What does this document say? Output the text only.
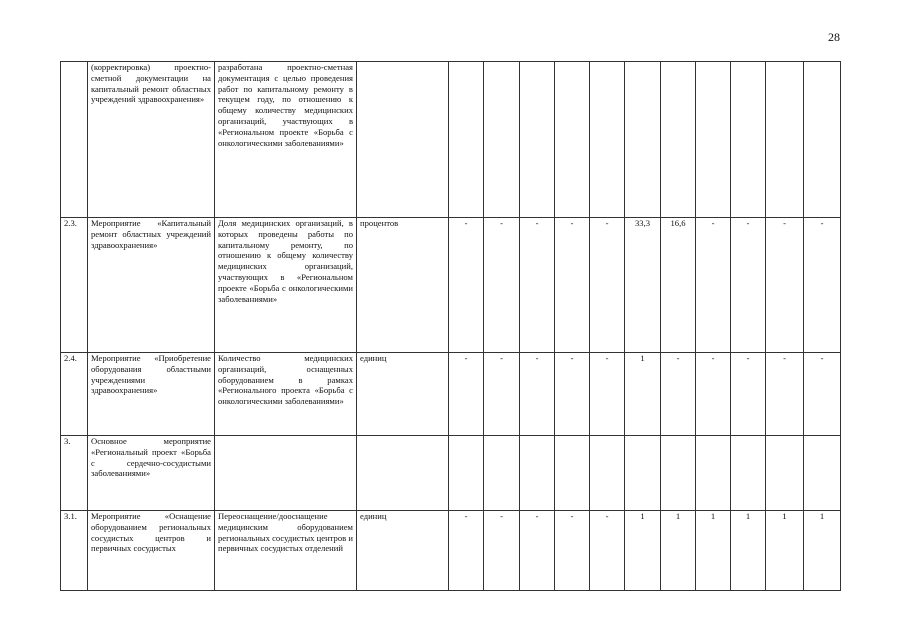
28

	(корректировка) проектно-сметной документации на капитальный ремонт областных учреждений здравоохранения»	разработана проектно-сметная документация с целью проведения работ по капитальному ремонту в текущем году, по отношению к общему количеству медицинских организаций, участвующих в «Региональном проекте «Борьба с онкологическими заболеваниями»												

2.3.	Мероприятие «Капитальный ремонт областных учреждений здравоохранения»	Доля медицинских организаций, в которых проведены работы по капитальному ремонту, по отношению к общему количеству медицинских организаций, участвующих в «Региональном проекте «Борьба с онкологическими заболеваниями»	процентов	-	-	-	-	-	33,3	16,6	-	-	-	-

2.4.	Мероприятие «Приобретение оборудования областными учреждениями здравоохранения»	Количество медицинских организаций, оснащенных оборудованием в рамках «Регионального проекта «Борьба с онкологическими заболеваниями»	единиц	-	-	-	-	-	1	-	-	-	-	-

3.	Основное мероприятие «Региональный проект «Борьба с сердечно-сосудистыми заболеваниями»													

3.1.	Мероприятие «Оснащение оборудованием региональных сосудистых центров и первичных сосудистых	Переоснащение/дооснащение медицинским оборудованием региональных сосудистых центров и первичных сосудистых отделений	единиц	-	-	-	-	-	1	1	1	1	1	1
